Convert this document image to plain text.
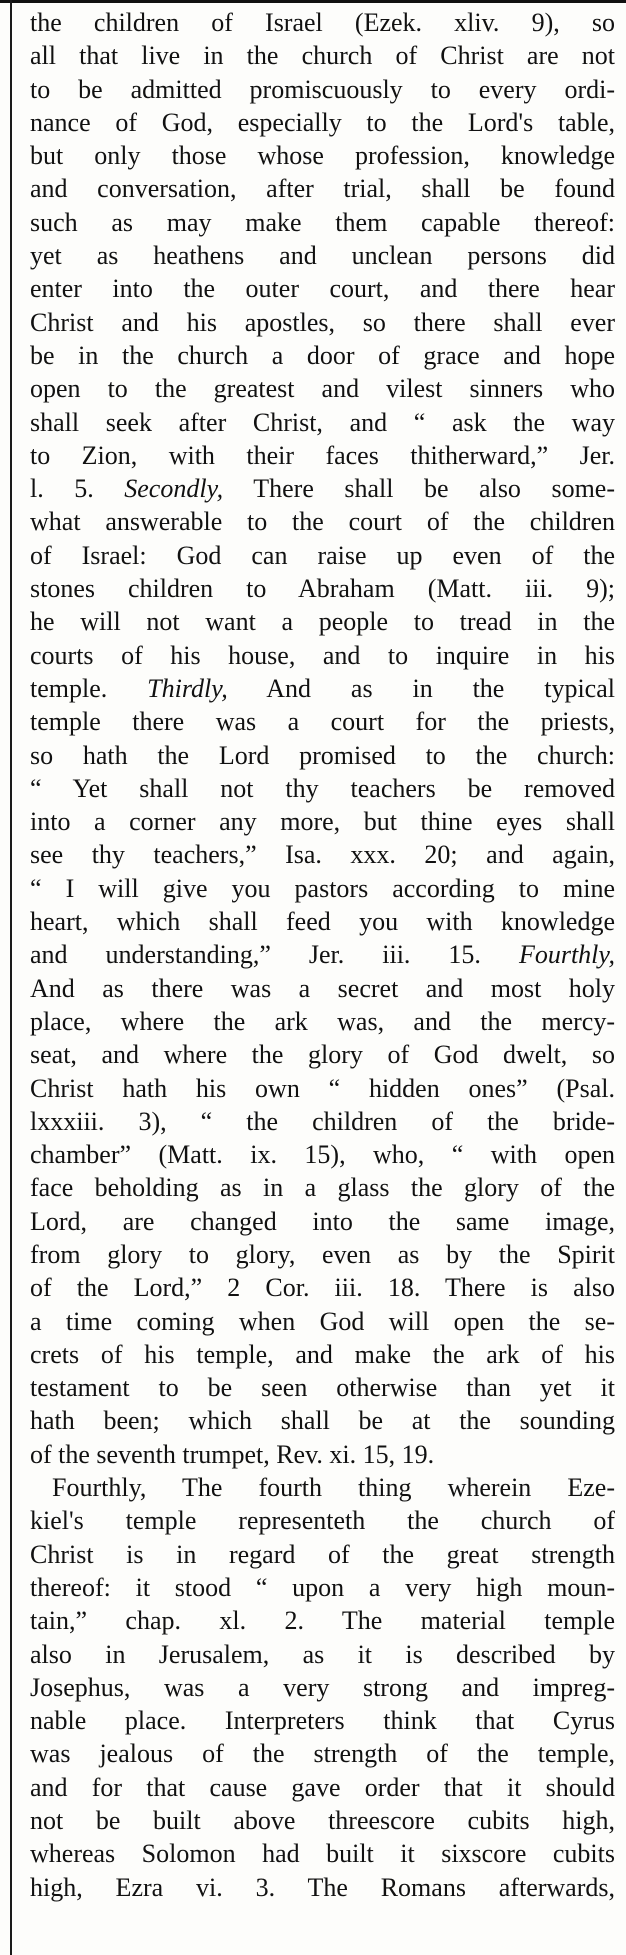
the children of Israel (Ezek. xliv. 9), so
all that live in the church of Christ are not
to be admitted promiscuously to every ordi-
nance of God, especially to the Lord's table,
but only those whose profession, knowledge
and conversation, after trial, shall be found
such as may make them capable thereof:
yet as heathens and unclean persons did
enter into the outer court, and there hear
Christ and his apostles, so there shall ever
be in the church a door of grace and hope
open to the greatest and vilest sinners who
shall seek after Christ, and “ ask the way
to Zion, with their faces thitherward,” Jer.
l. 5. Secondly, There shall be also some-
what answerable to the court of the children
of Israel: God can raise up even of the
stones children to Abraham (Matt. iii. 9);
he will not want a people to tread in the
courts of his house, and to inquire in his
temple. Thirdly, And as in the typical
temple there was a court for the priests,
so hath the Lord promised to the church:
“ Yet shall not thy teachers be removed
into a corner any more, but thine eyes shall
see thy teachers,” Isa. xxx. 20; and again,
“ I will give you pastors according to mine
heart, which shall feed you with knowledge
and understanding,” Jer. iii. 15. Fourthly,
And as there was a secret and most holy
place, where the ark was, and the mercy-
seat, and where the glory of God dwelt, so
Christ hath his own “ hidden ones” (Psal.
lxxxiii. 3), “ the children of the bride-
chamber” (Matt. ix. 15), who, “ with open
face beholding as in a glass the glory of the
Lord, are changed into the same image,
from glory to glory, even as by the Spirit
of the Lord,” 2 Cor. iii. 18. There is also
a time coming when God will open the se-
crets of his temple, and make the ark of his
testament to be seen otherwise than yet it
hath been; which shall be at the sounding
of the seventh trumpet, Rev. xi. 15, 19.
Fourthly, The fourth thing wherein Eze-
kiel's temple representeth the church of
Christ is in regard of the great strength
thereof: it stood “ upon a very high moun-
tain,” chap. xl. 2. The material temple
also in Jerusalem, as it is described by
Josephus, was a very strong and impreg-
nable place. Interpreters think that Cyrus
was jealous of the strength of the temple,
and for that cause gave order that it should
not be built above threescore cubits high,
whereas Solomon had built it sixscore cubits
high, Ezra vi. 3. The Romans afterwards,
